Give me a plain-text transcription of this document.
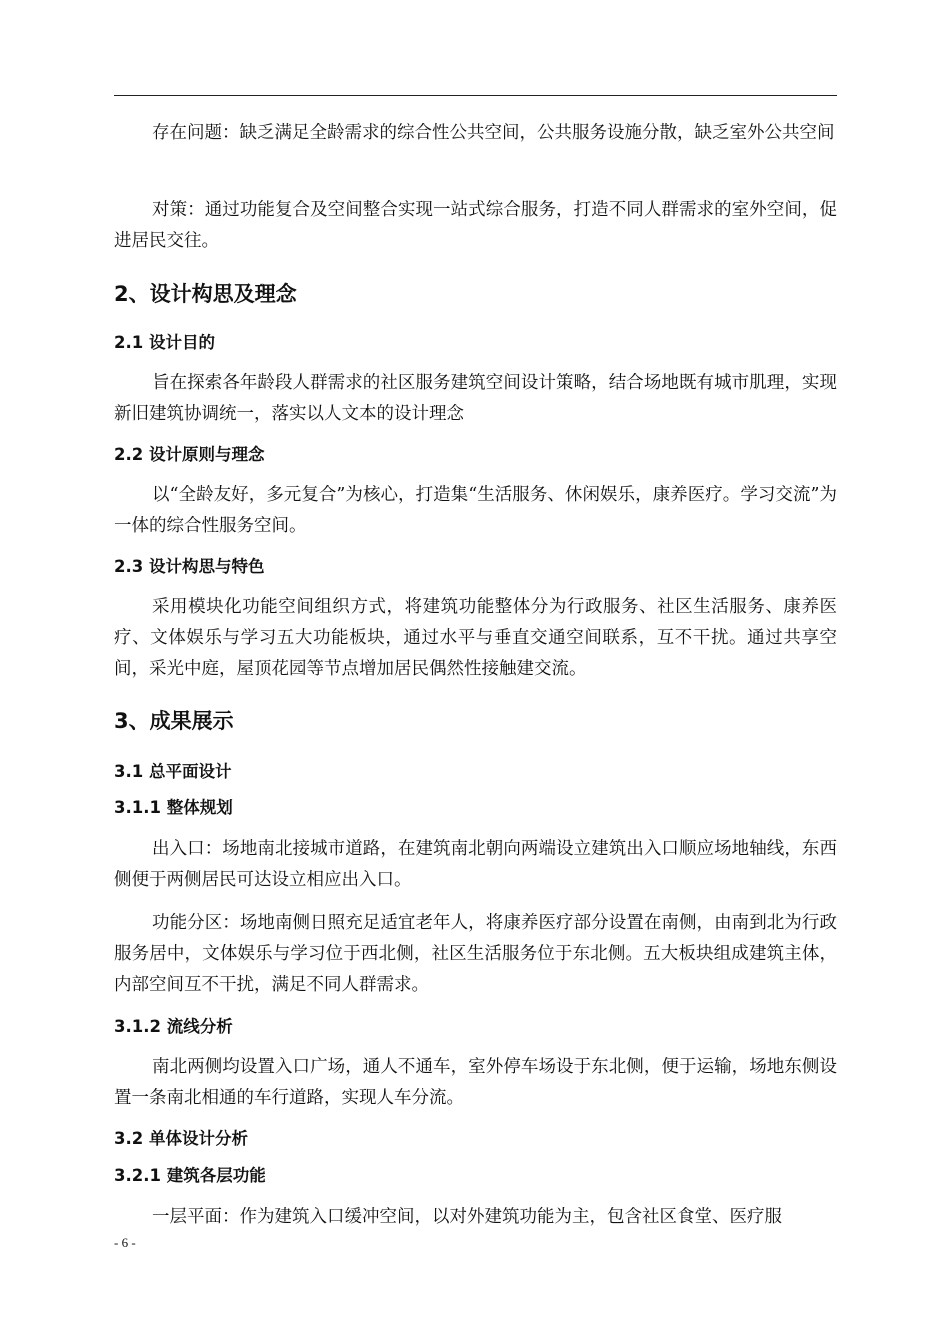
存在问题：缺乏满足全龄需求的综合性公共空间，公共服务设施分散，缺乏室外公共空间
对策：通过功能复合及空间整合实现一站式综合服务，打造不同人群需求的室外空间，促进居民交往。
2、设计构思及理念
2.1 设计目的
旨在探索各年龄段人群需求的社区服务建筑空间设计策略，结合场地既有城市肌理，实现新旧建筑协调统一，落实以人文本的设计理念
2.2 设计原则与理念
以“全龄友好，多元复合”为核心，打造集“生活服务、休闲娱乐，康养医疗。学习交流”为一体的综合性服务空间。
2.3 设计构思与特色
采用模块化功能空间组织方式，将建筑功能整体分为行政服务、社区生活服务、康养医疗、文体娱乐与学习五大功能板块，通过水平与垂直交通空间联系，互不干扰。通过共享空间，采光中庭，屋顶花园等节点增加居民偶然性接触建交流。
3、成果展示
3.1 总平面设计
3.1.1 整体规划
出入口：场地南北接城市道路，在建筑南北朝向两端设立建筑出入口顺应场地轴线，东西侧便于两侧居民可达设立相应出入口。
功能分区：场地南侧日照充足适宜老年人，将康养医疗部分设置在南侧，由南到北为行政服务居中，文体娱乐与学习位于西北侧，社区生活服务位于东北侧。五大板块组成建筑主体，内部空间互不干扰，满足不同人群需求。
3.1.2 流线分析
南北两侧均设置入口广场，通人不通车，室外停车场设于东北侧，便于运输，场地东侧设置一条南北相通的车行道路，实现人车分流。
3.2 单体设计分析
3.2.1 建筑各层功能
一层平面：作为建筑入口缓冲空间，以对外建筑功能为主，包含社区食堂、医疗服
- 6 -
